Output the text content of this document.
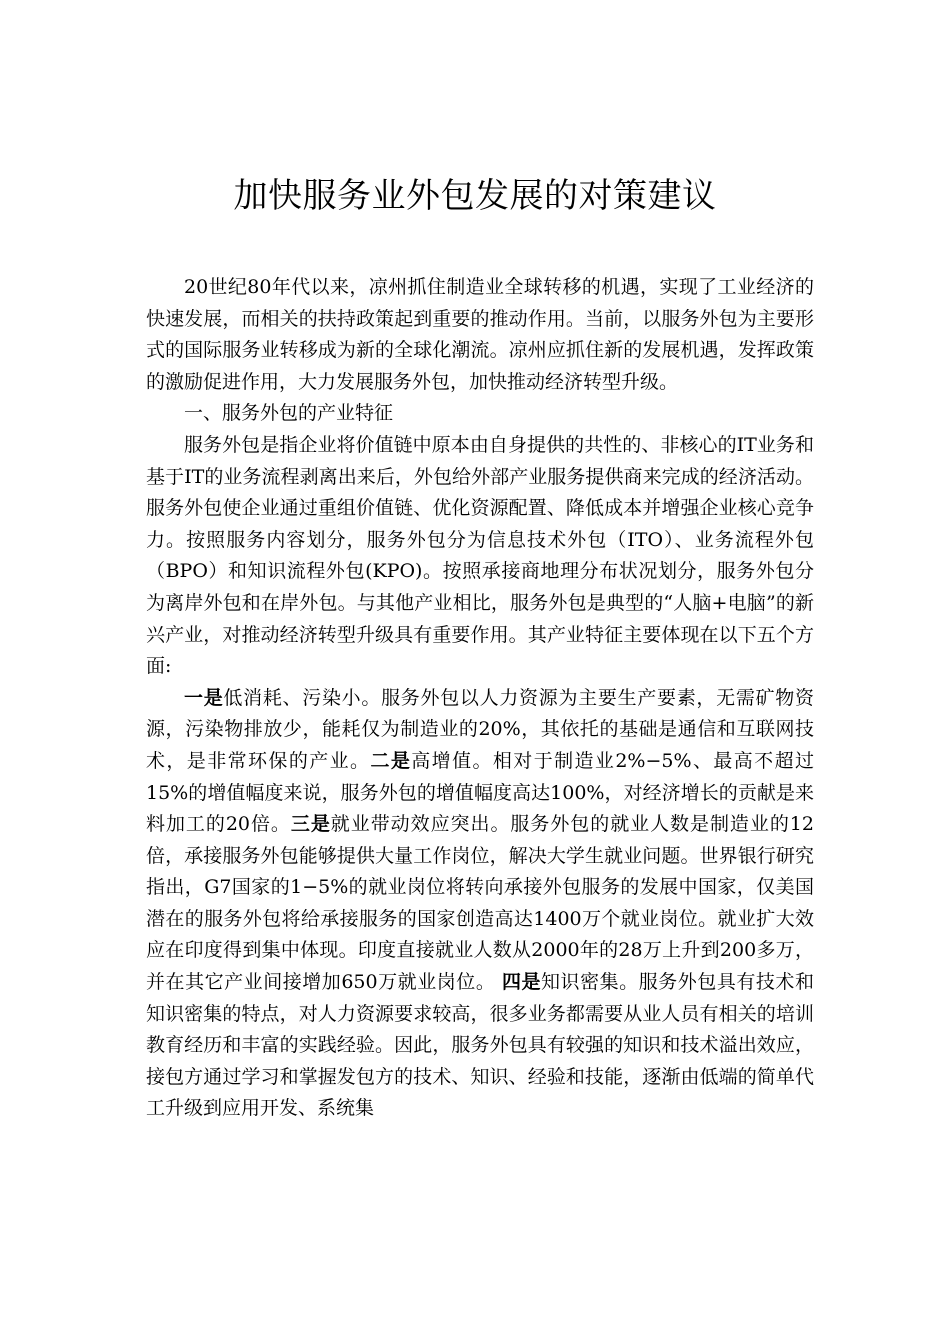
加快服务业外包发展的对策建议

20世纪80年代以来，凉州抓住制造业全球转移的机遇，实现了工业经济的快速发展，而相关的扶持政策起到重要的推动作用。当前，以服务外包为主要形式的国际服务业转移成为新的全球化潮流。凉州应抓住新的发展机遇，发挥政策的激励促进作用，大力发展服务外包，加快推动经济转型升级。

一、服务外包的产业特征

服务外包是指企业将价值链中原本由自身提供的共性的、非核心的IT业务和基于IT的业务流程剥离出来后，外包给外部产业服务提供商来完成的经济活动。服务外包使企业通过重组价值链、优化资源配置、降低成本并增强企业核心竞争力。按照服务内容划分，服务外包分为信息技术外包（ITO）、业务流程外包（BPO）和知识流程外包(KPO)。按照承接商地理分布状况划分，服务外包分为离岸外包和在岸外包。与其他产业相比，服务外包是典型的“人脑+电脑”的新兴产业，对推动经济转型升级具有重要作用。其产业特征主要体现在以下五个方面:

一是低消耗、污染小。服务外包以人力资源为主要生产要素，无需矿物资源，污染物排放少，能耗仅为制造业的20%，其依托的基础是通信和互联网技术，是非常环保的产业。二是高增值。相对于制造业2%−5%、最高不超过15%的增值幅度来说，服务外包的增值幅度高达100%，对经济增长的贡献是来料加工的20倍。三是就业带动效应突出。服务外包的就业人数是制造业的12倍，承接服务外包能够提供大量工作岗位，解决大学生就业问题。世界银行研究指出，G7国家的1−5%的就业岗位将转向承接外包服务的发展中国家，仅美国潜在的服务外包将给承接服务的国家创造高达1400万个就业岗位。就业扩大效应在印度得到集中体现。印度直接就业人数从2000年的28万上升到200多万，并在其它产业间接增加650万就业岗位。 四是知识密集。服务外包具有技术和知识密集的特点，对人力资源要求较高，很多业务都需要从业人员有相关的培训教育经历和丰富的实践经验。因此，服务外包具有较强的知识和技术溢出效应，接包方通过学习和掌握发包方的技术、知识、经验和技能，逐渐由低端的简单代工升级到应用开发、系统集
